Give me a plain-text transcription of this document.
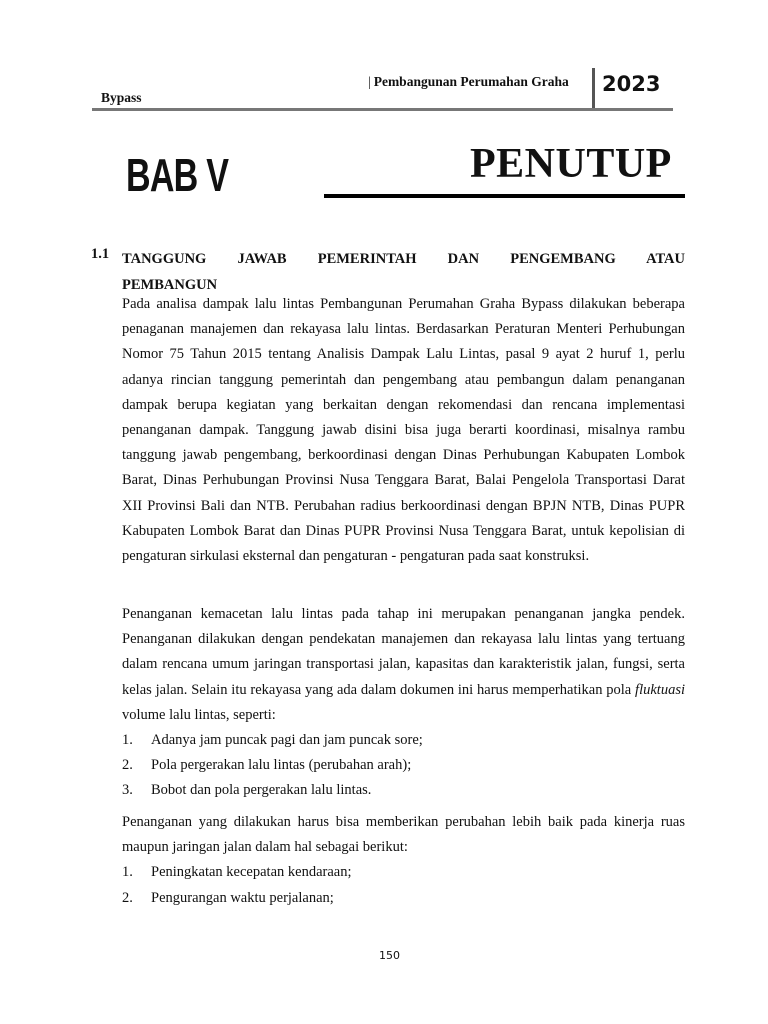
| Pembangunan Perumahan Graha
Bypass
2023
BAB V	PENUTUP
1.1 TANGGUNG JAWAB PEMERINTAH DAN PENGEMBANG ATAU
PEMBANGUN
Pada analisa dampak lalu lintas Pembangunan Perumahan Graha Bypass dilakukan beberapa penaganan manajemen dan rekayasa lalu lintas. Berdasarkan Peraturan Menteri Perhubungan Nomor 75 Tahun 2015 tentang Analisis Dampak Lalu Lintas, pasal 9 ayat 2 huruf 1, perlu adanya rincian tanggung pemerintah dan pengembang atau pembangun dalam penanganan dampak berupa kegiatan yang berkaitan dengan rekomendasi dan rencana implementasi penanganan dampak. Tanggung jawab disini bisa juga berarti koordinasi, misalnya rambu tanggung jawab pengembang, berkoordinasi dengan Dinas Perhubungan Kabupaten Lombok Barat, Dinas Perhubungan Provinsi Nusa Tenggara Barat, Balai Pengelola Transportasi Darat XII Provinsi Bali dan NTB. Perubahan radius berkoordinasi dengan BPJN NTB, Dinas PUPR Kabupaten Lombok Barat dan Dinas PUPR Provinsi Nusa Tenggara Barat, untuk kepolisian di pengaturan sirkulasi eksternal dan pengaturan - pengaturan pada saat konstruksi.
Penanganan kemacetan lalu lintas pada tahap ini merupakan penanganan jangka pendek. Penanganan dilakukan dengan pendekatan manajemen dan rekayasa lalu lintas yang tertuang dalam rencana umum jaringan transportasi jalan, kapasitas dan karakteristik jalan, fungsi, serta kelas jalan. Selain itu rekayasa yang ada dalam dokumen ini harus memperhatikan pola fluktuasi volume lalu lintas, seperti:
1. Adanya jam puncak pagi dan jam puncak sore;
2. Pola pergerakan lalu lintas (perubahan arah);
3. Bobot dan pola pergerakan lalu lintas.
Penanganan yang dilakukan harus bisa memberikan perubahan lebih baik pada kinerja ruas maupun jaringan jalan dalam hal sebagai berikut:
1. Peningkatan kecepatan kendaraan;
2. Pengurangan waktu perjalanan;
150
